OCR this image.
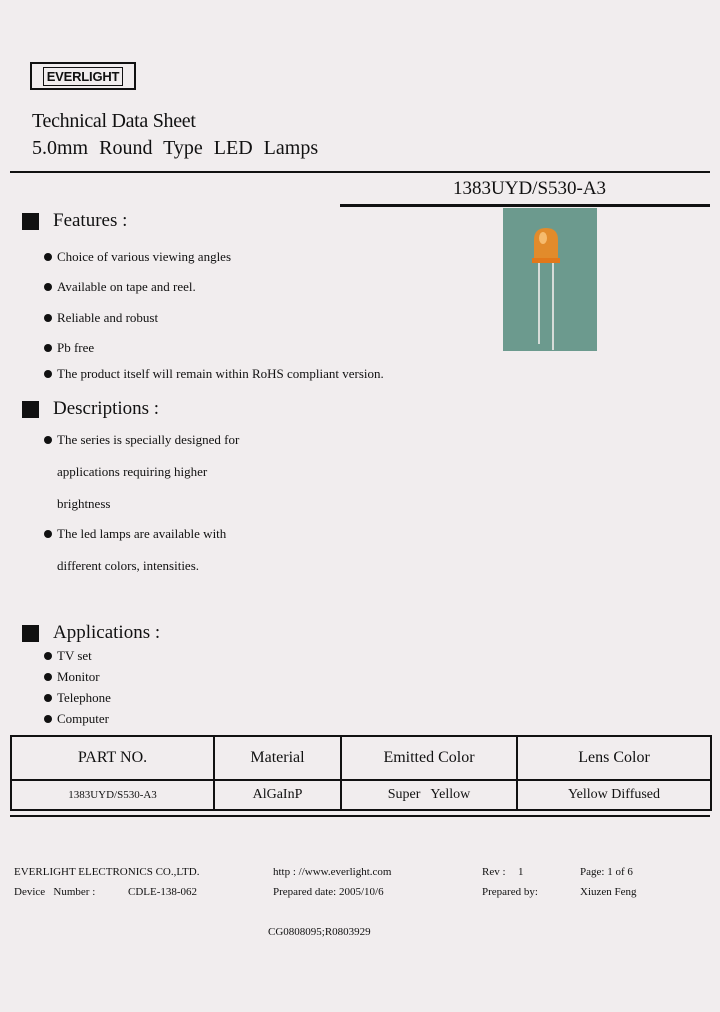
EVERLIGHT
Technical Data Sheet
5.0mm Round Type LED Lamps
1383UYD/S530-A3
Features :
Choice of various viewing angles
Available on tape and reel.
Reliable and robust
Pb free
The product itself will remain within RoHS compliant version.
Descriptions :
The series is specially designed for
applications requiring higher
brightness
The led lamps are available with
different colors, intensities.
Applications :
TV set
Monitor
Telephone
Computer
PART NO.	Material	Emitted Color	Lens Color
1383UYD/S530-A3	AlGaInP	Super   Yellow	Yellow Diffused
EVERLIGHT ELECTRONICS CO.,LTD.	http : //www.everlight.com	Rev : 1	Page: 1 of 6
Device   Number :	CDLE-138-062	Prepared date: 2005/10/6	Prepared by:	Xiuzen Feng
CG0808095;R0803929
